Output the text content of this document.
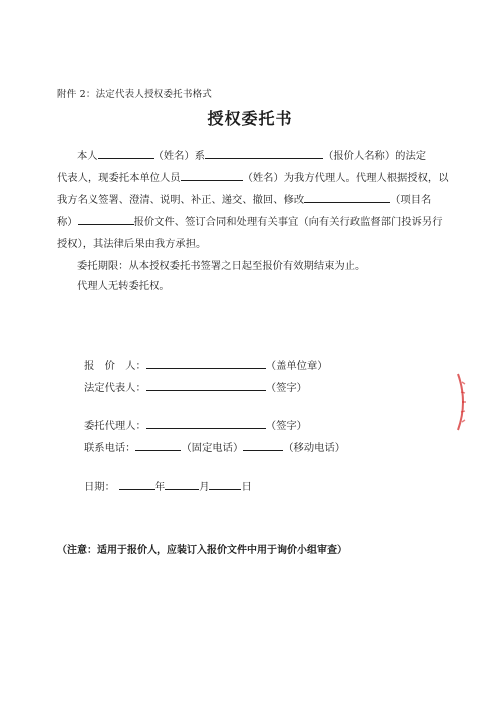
附件 2：法定代表人授权委托书格式
授权委托书
本人	（姓名）系	（报价人名称）的法定
代表人，现委托本单位人员	（姓名）为我方代理人。代理人根据授权，以
我方名义签署、澄清、说明、补正、递交、撤回、修改	（项目名
称）	报价文件、签订合同和处理有关事宜（向有关行政监督部门投诉另行
授权），其法律后果由我方承担。
委托期限：从本授权委托书签署之日起至报价有效期结束为止。
代理人无转委托权。
报　价　人：	（盖单位章）
法定代表人：	（签字）
委托代理人：	（签字）
联系电话：	（固定电话）	（移动电话）
日期：	年	月	日
（注意：适用于报价人，应装订入报价文件中用于询价小组审查）
